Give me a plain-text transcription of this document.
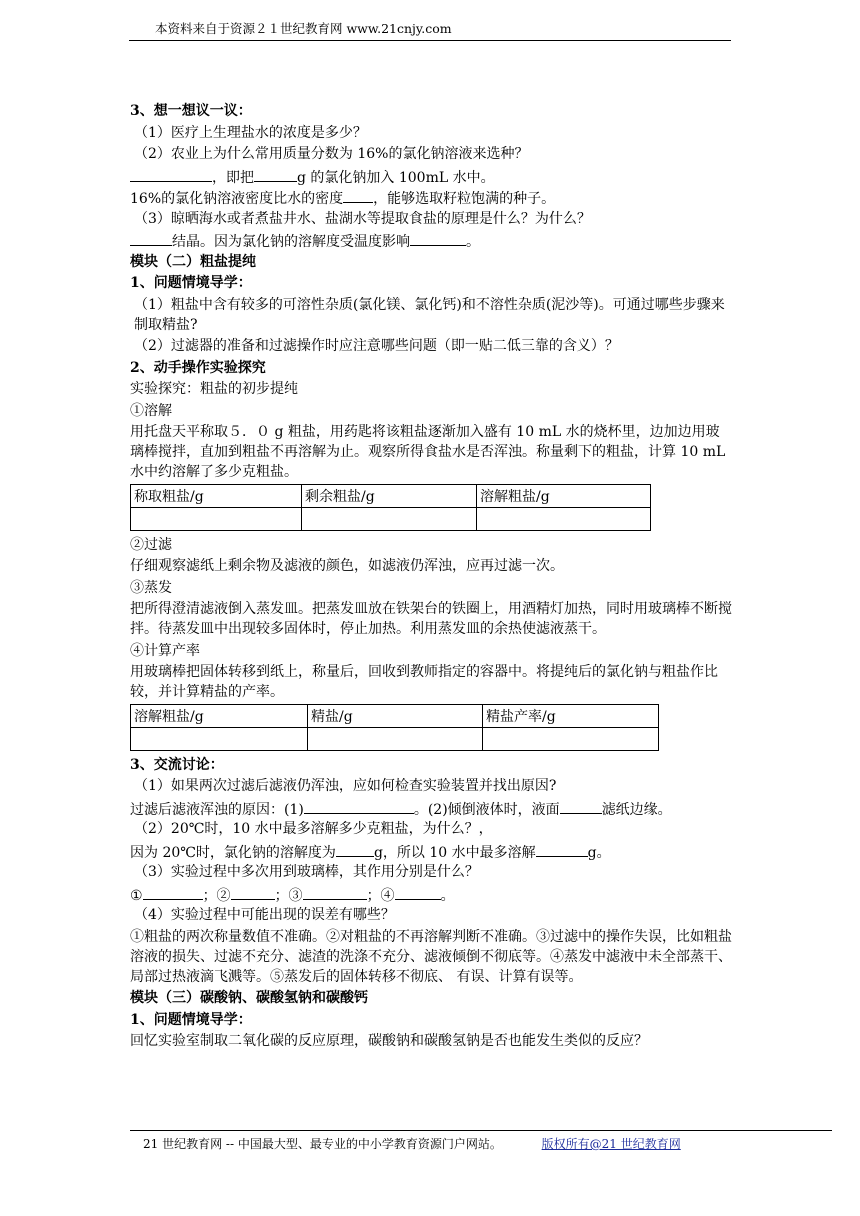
本资料来自于资源２１世纪教育网 www.21cnjy.com
3、想一想议一议：
（1）医疗上生理盐水的浓度是多少？
（2）农业上为什么常用质量分数为 16%的氯化钠溶液来选种？
，即把	g 的氯化钠加入 100mL 水中。
16%的氯化钠溶液密度比水的密度 ，能够选取籽粒饱满的种子。
（3）晾晒海水或者煮盐井水、盐湖水等提取食盐的原理是什么？为什么？
结晶。因为氯化钠的溶解度受温度影响	。
模块（二）粗盐提纯
1、问题情境导学：
（1）粗盐中含有较多的可溶性杂质(氯化镁、氯化钙)和不溶性杂质(泥沙等)。可通过哪些步骤来制取精盐?
（2）过滤器的准备和过滤操作时应注意哪些问题（即一贴二低三靠的含义）？
2、动手操作实验探究
实验探究：粗盐的初步提纯
①溶解
用托盘天平称取５．０ g 粗盐，用药匙将该粗盐逐渐加入盛有 10 mL 水的烧杯里，边加边用玻璃棒搅拌，直加到粗盐不再溶解为止。观察所得食盐水是否浑浊。称量剩下的粗盐，计算 10 mL 水中约溶解了多少克粗盐。
称取粗盐/g	剩余粗盐/g	溶解粗盐/g

②过滤
仔细观察滤纸上剩余物及滤液的颜色，如滤液仍浑浊，应再过滤一次。
③蒸发
把所得澄清滤液倒入蒸发皿。把蒸发皿放在铁架台的铁圈上，用酒精灯加热，同时用玻璃棒不断搅拌。待蒸发皿中出现较多固体时，停止加热。利用蒸发皿的余热使滤液蒸干。
④计算产率
用玻璃棒把固体转移到纸上，称量后，回收到教师指定的容器中。将提纯后的氯化钠与粗盐作比较，并计算精盐的产率。
溶解粗盐/g	精盐/g	精盐产率/g

3、交流讨论：
（1）如果两次过滤后滤液仍浑浊，应如何检查实验装置并找出原因?
过滤后滤液浑浊的原因：(1)	。(2)倾倒液体时，液面	滤纸边缘。
（2）20℃时，10 水中最多溶解多少克粗盐，为什么？，
因为 20℃时，氯化钠的溶解度为	g，所以 10 水中最多溶解	g。
（3）实验过程中多次用到玻璃棒，其作用分别是什么？
①	；②	；③	；④	。
（4）实验过程中可能出现的误差有哪些？
①粗盐的两次称量数值不准确。②对粗盐的不再溶解判断不准确。③过滤中的操作失误，比如粗盐溶液的损失、过滤不充分、滤渣的洗涤不充分、滤液倾倒不彻底等。④蒸发中滤液中未全部蒸干、局部过热液滴飞溅等。⑤蒸发后的固体转移不彻底、 有误、计算有误等。
模块（三）碳酸钠、碳酸氢钠和碳酸钙
1、问题情境导学：
回忆实验室制取二氧化碳的反应原理，碳酸钠和碳酸氢钠是否也能发生类似的反应？
21 世纪教育网 -- 中国最大型、最专业的中小学教育资源门户网站。	版权所有@21 世纪教育网
